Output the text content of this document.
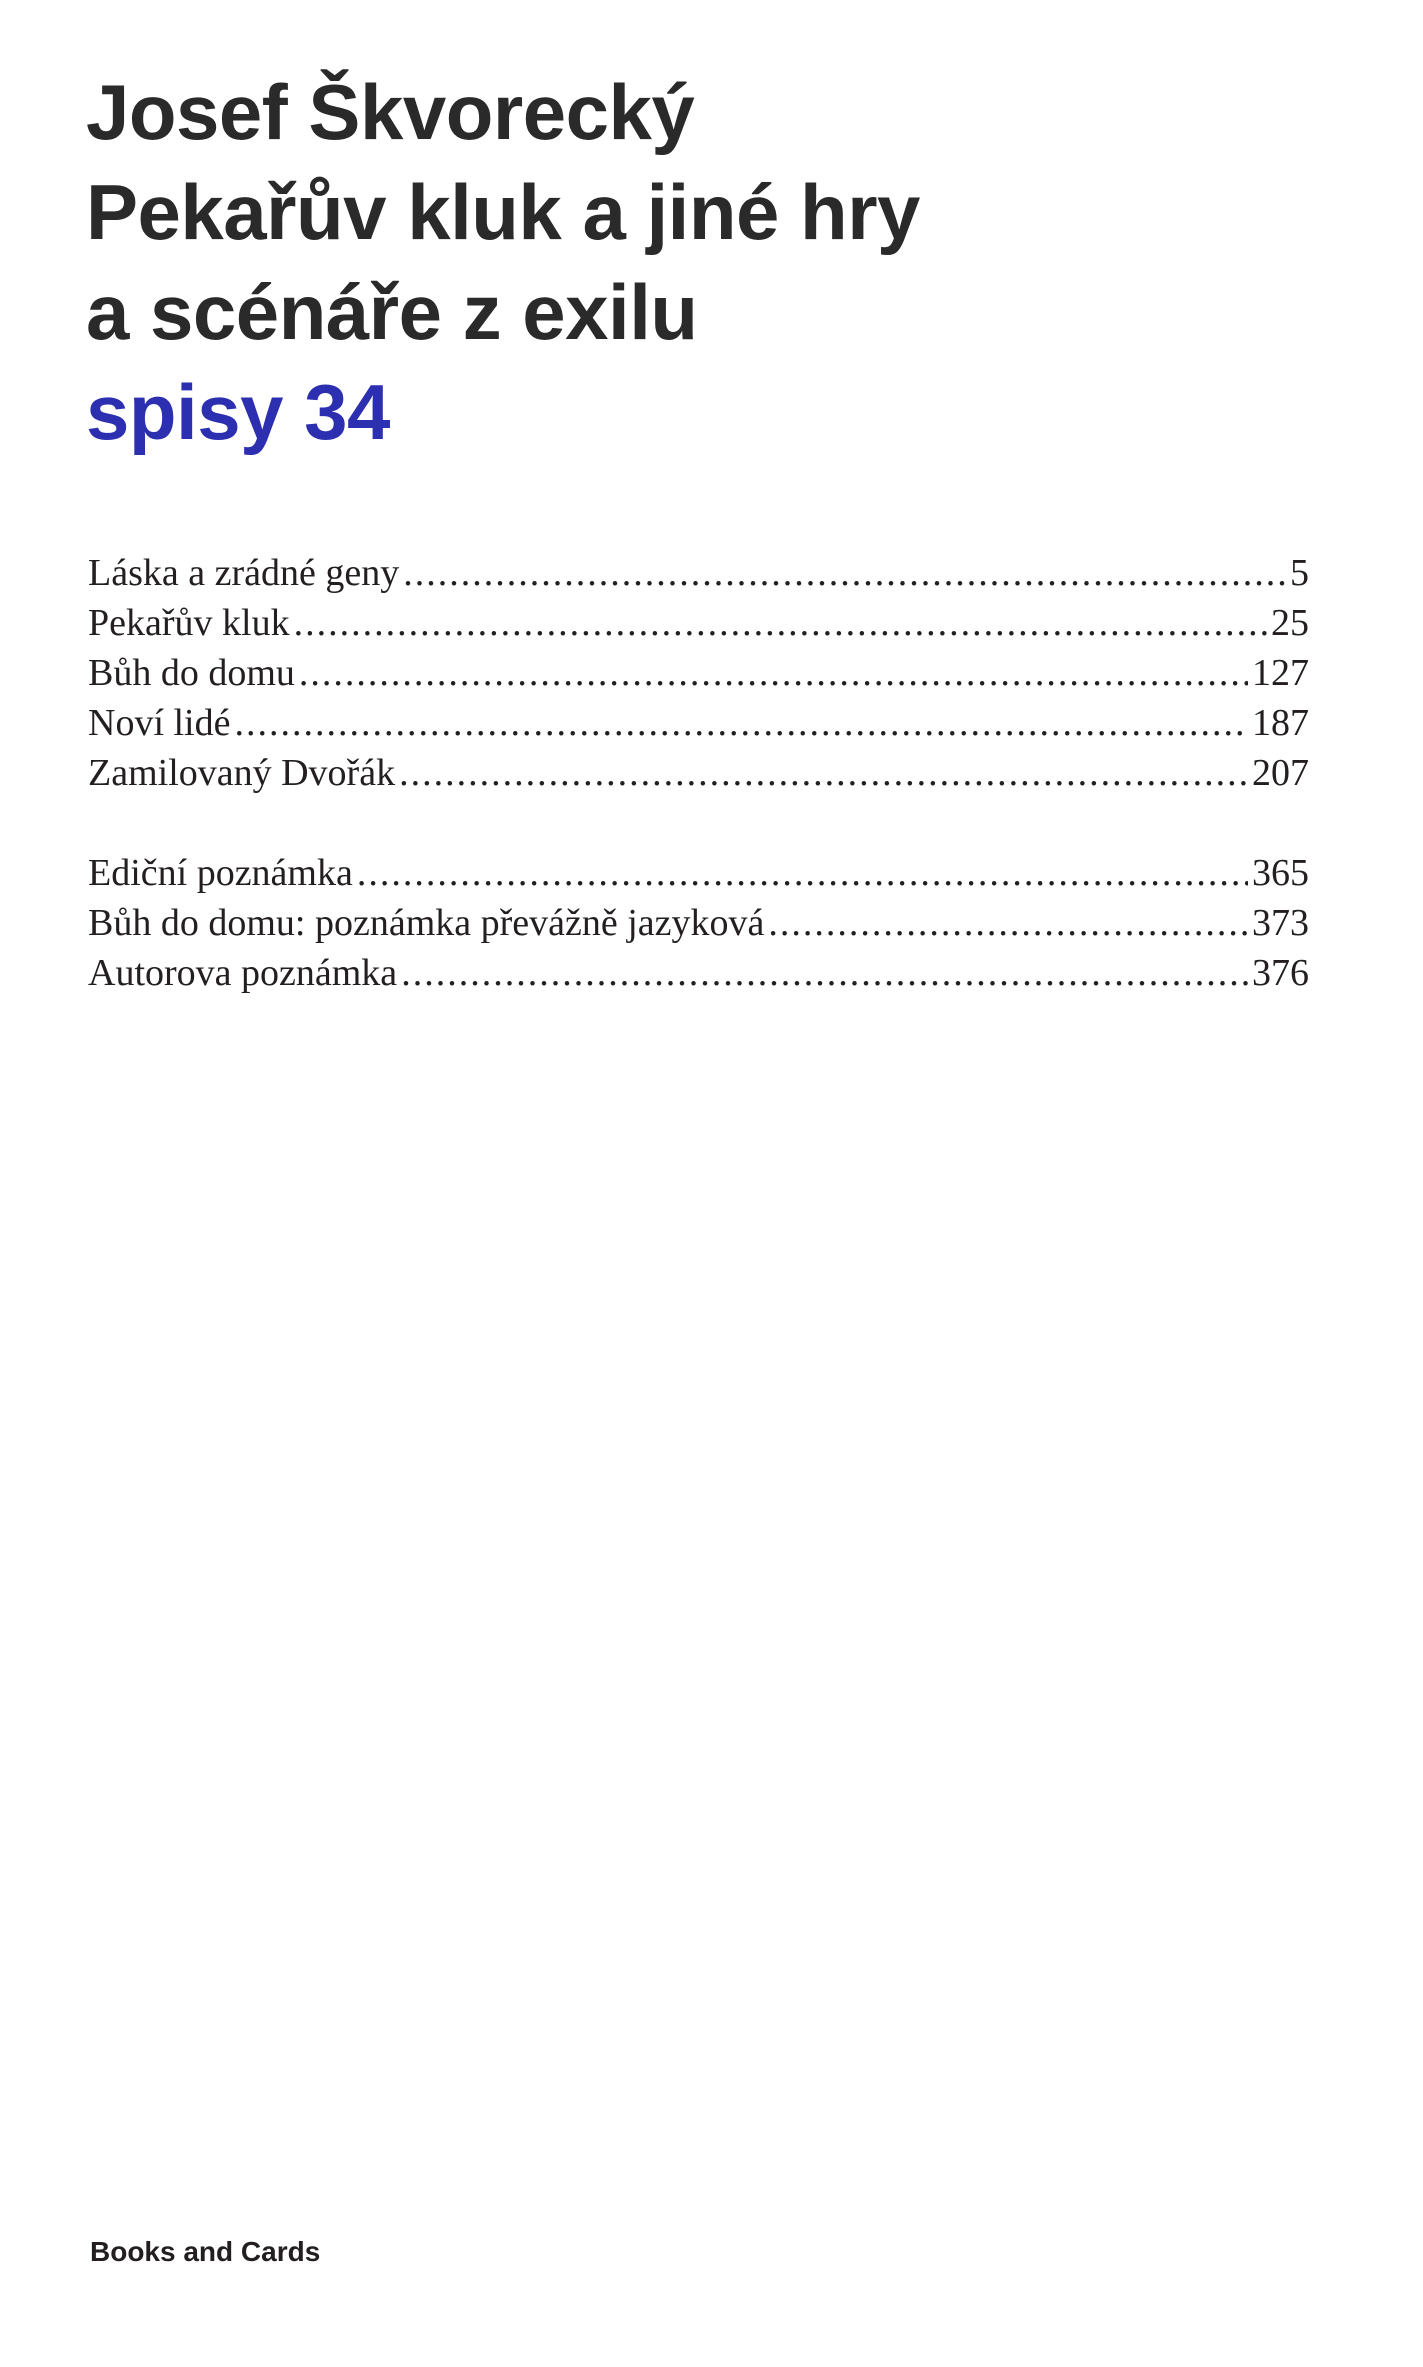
Josef Škvorecký
Pekařův kluk a jiné hry
a scénáře z exilu
spisy 34
Láska a zrádné geny .....	5
Pekařův kluk .....	25
Bůh do domu .....	127
Noví lidé .....	187
Zamilovaný Dvořák .....	207
Ediční poznámka .....	365
Bůh do domu: poznámka převážně jazyková .....	373
Autorova poznámka .....	376
Books and Cards
